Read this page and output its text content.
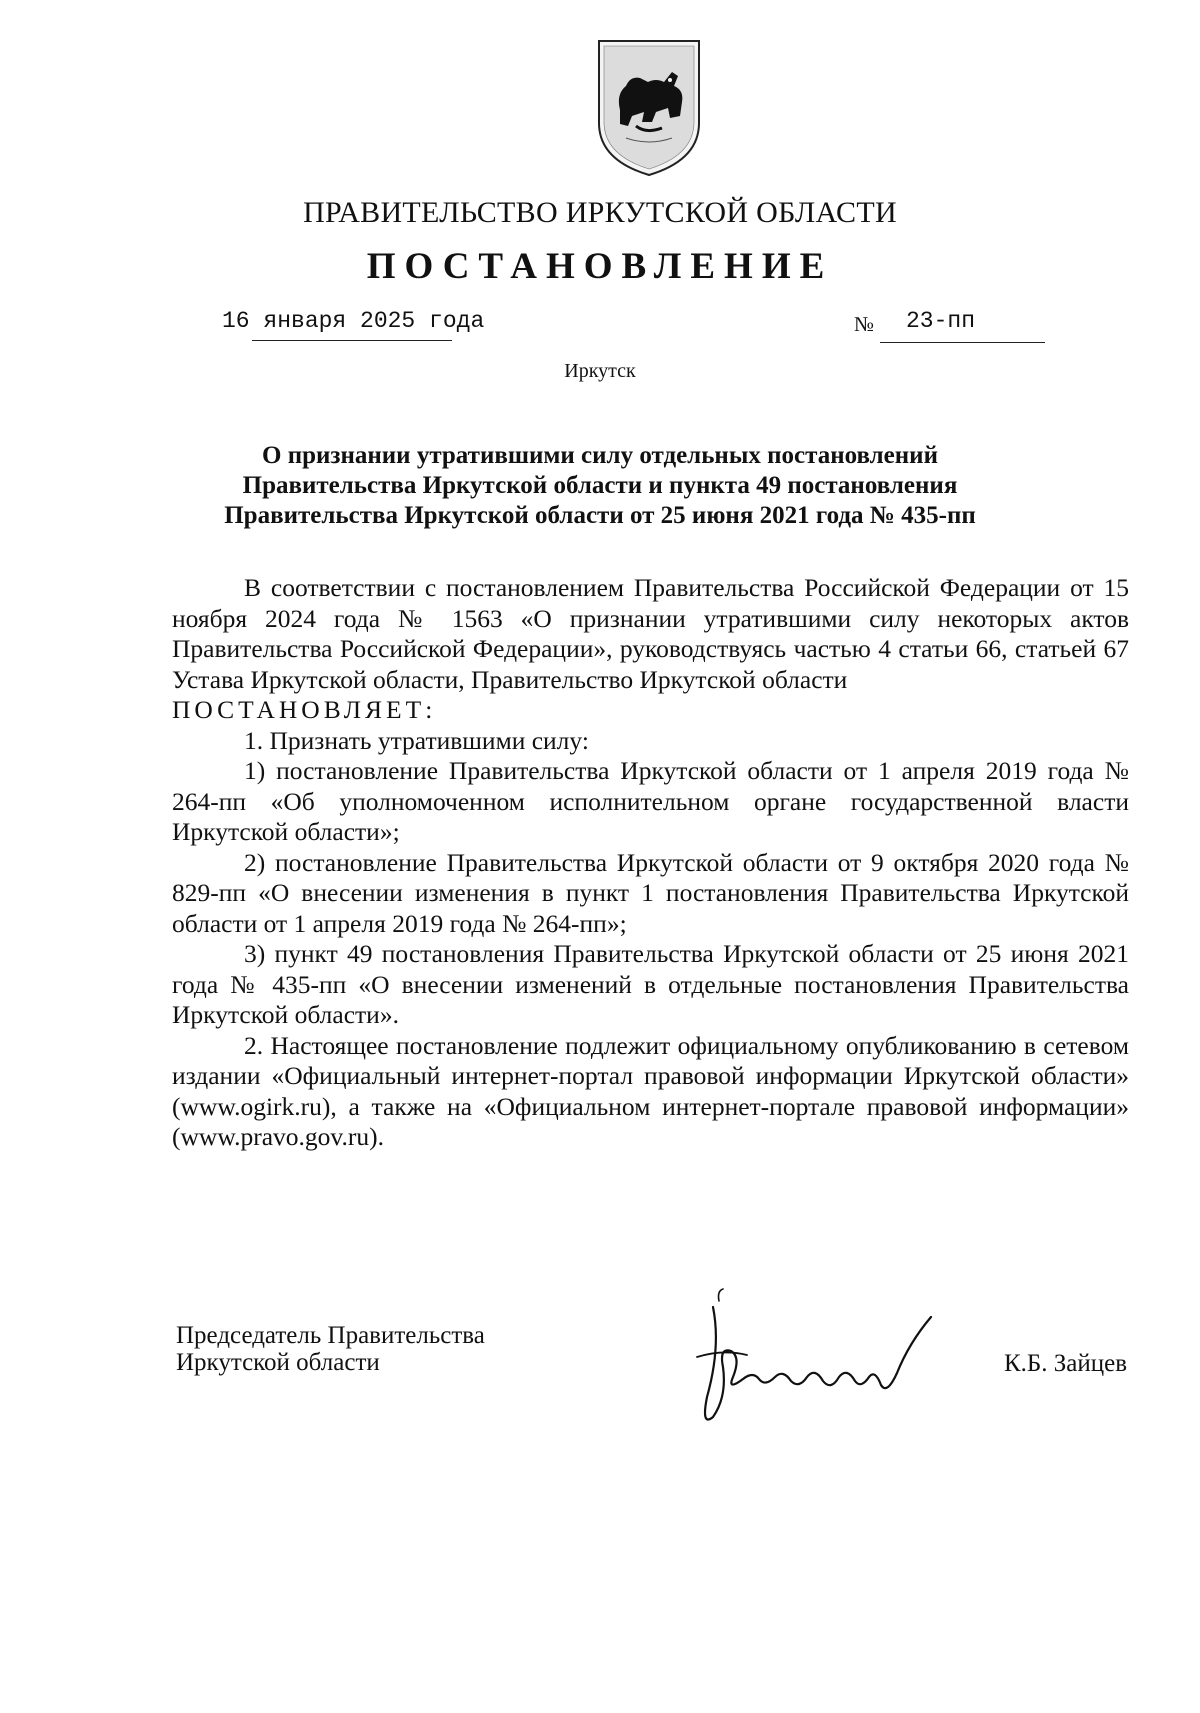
ПРАВИТЕЛЬСТВО ИРКУТСКОЙ ОБЛАСТИ
ПОСТАНОВЛЕНИЕ
16 января 2025 года	№ 23-пп
Иркутск
О признании утратившими силу отдельных постановлений
Правительства Иркутской области и пункта 49 постановления
Правительства Иркутской области от 25 июня 2021 года № 435-пп

В соответствии с постановлением Правительства Российской Федерации от 15 ноября 2024 года № 1563 «О признании утратившими силу некоторых актов Правительства Российской Федерации», руководствуясь частью 4 статьи 66, статьей 67 Устава Иркутской области, Правительство Иркутской области

ПОСТАНОВЛЯЕТ:

1. Признать утратившими силу:

1) постановление Правительства Иркутской области от 1 апреля 2019 года № 264-пп «Об уполномоченном исполнительном органе государственной власти Иркутской области»;

2) постановление Правительства Иркутской области от 9 октября 2020 года № 829-пп «О внесении изменения в пункт 1 постановления Правительства Иркутской области от 1 апреля 2019 года № 264-пп»;

3) пункт 49 постановления Правительства Иркутской области от 25 июня 2021 года № 435-пп «О внесении изменений в отдельные постановления Правительства Иркутской области».

2. Настоящее постановление подлежит официальному опубликованию в сетевом издании «Официальный интернет-портал правовой информации Иркутской области» (www.ogirk.ru), а также на «Официальном интернет-портале правовой информации» (www.pravo.gov.ru).

Председатель Правительства
Иркутской области	К.Б. Зайцев
